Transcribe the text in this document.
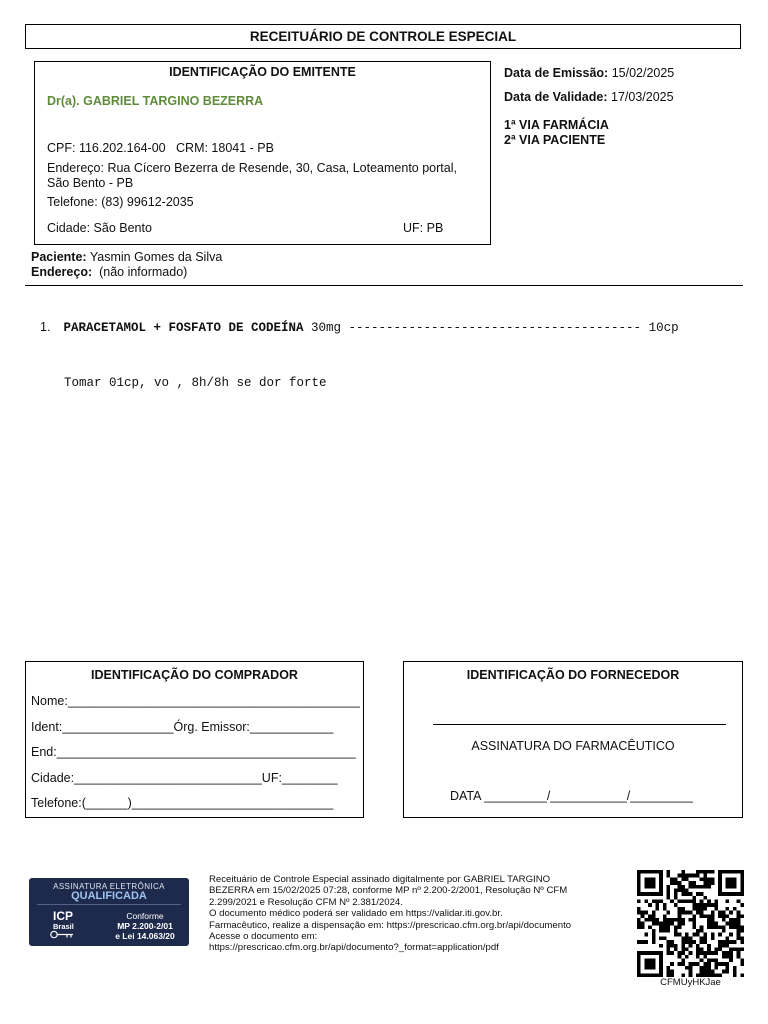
RECEITUÁRIO DE CONTROLE ESPECIAL
IDENTIFICAÇÃO DO EMITENTE
Dr(a). GABRIEL TARGINO BEZERRA
CPF: 116.202.164-00   CRM: 18041 - PB
Endereço: Rua Cícero Bezerra de Resende, 30, Casa, Loteamento portal,
São Bento - PB
Telefone: (83) 99612-2035
Cidade: São Bento	UF: PB
Data de Emissão: 15/02/2025
Data de Validade: 17/03/2025
1ª VIA FARMÁCIA
2ª VIA PACIENTE
Paciente: Yasmin Gomes da Silva
Endereço:  (não informado)

1. PARACETAMOL + FOSFATO DE CODEÍNA 30mg --------------------------------------- 10cp

Tomar 01cp, vo , 8h/8h se dor forte

IDENTIFICAÇÃO DO COMPRADOR
Nome:__________________________________________
Ident:________________Órg. Emissor:____________
End:___________________________________________
Cidade:___________________________UF:________
Telefone:(______)_____________________________
IDENTIFICAÇÃO DO FORNECEDOR
ASSINATURA DO FARMACÊUTICO
DATA _________/___________/_________
ASSINATURA ELETRÔNICA
QUALIFICADA
ICP
Brasil
Conforme
MP 2.200-2/01
e Lei 14.063/20
Receituário de Controle Especial assinado digitalmente por GABRIEL TARGINO
BEZERRA em 15/02/2025 07:28, conforme MP nº 2.200-2/2001, Resolução Nº CFM
2.299/2021 e Resolução CFM Nº 2.381/2024.
O documento médico poderá ser validado em https://validar.iti.gov.br.
Farmacêutico, realize a dispensação em: https://prescricao.cfm.org.br/api/documento
Acesse o documento em:
https://prescricao.cfm.org.br/api/documento?_format=application/pdf
CFMUyHKJae
